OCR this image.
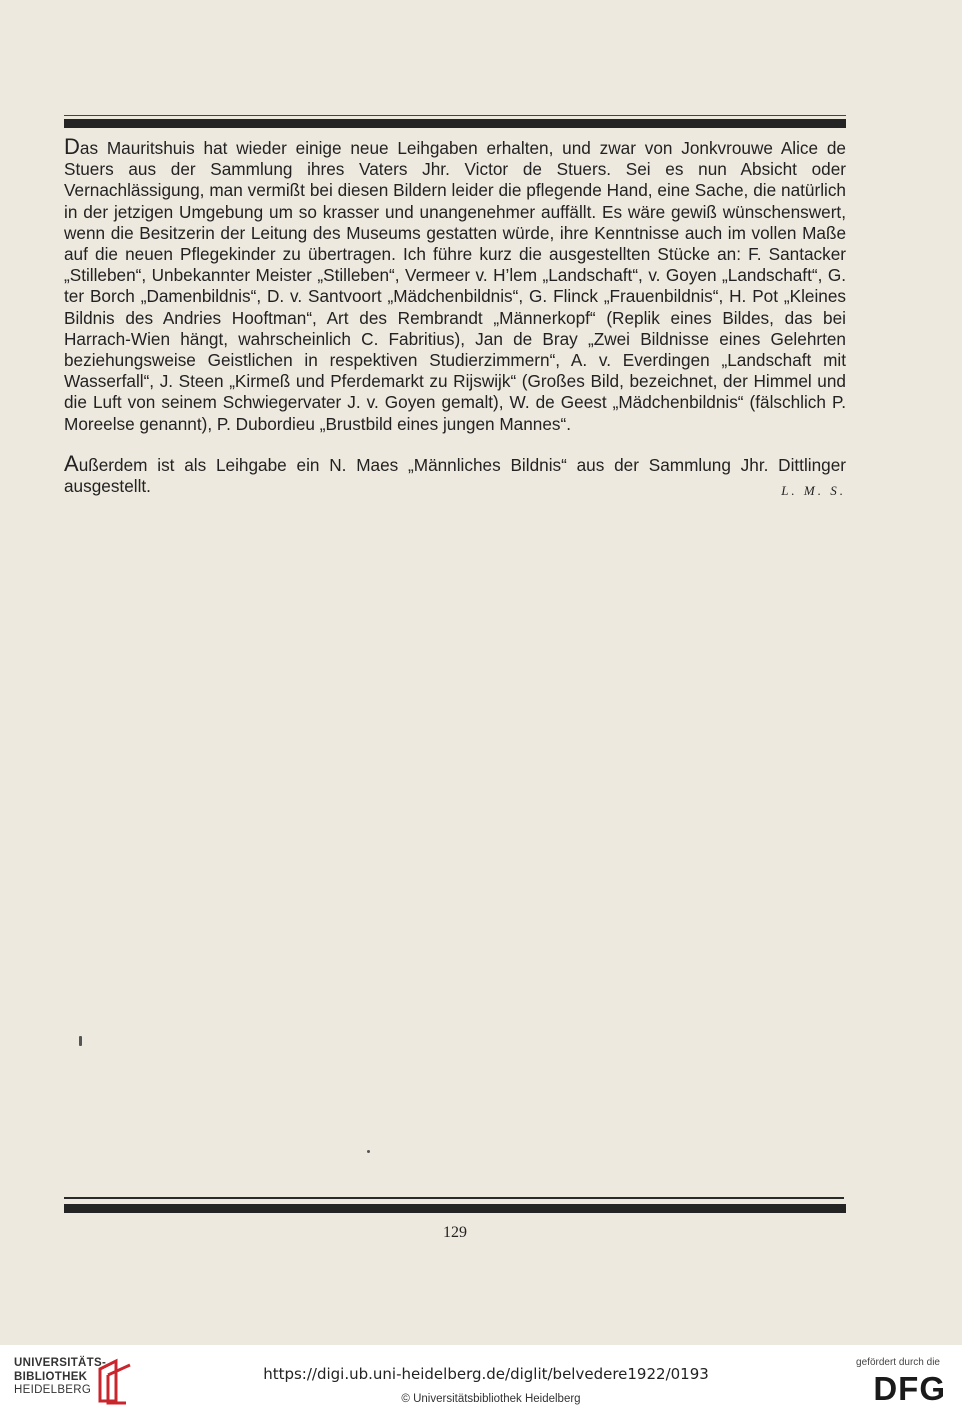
Das Mauritshuis hat wieder einige neue Leihgaben erhalten, und zwar von Jonkvrouwe Alice de Stuers aus der Sammlung ihres Vaters Jhr. Victor de Stuers. Sei es nun Absicht oder Vernachlässigung, man vermißt bei diesen Bildern leider die pflegende Hand, eine Sache, die natürlich in der jetzigen Umgebung um so krasser und unangenehmer auffällt. Es wäre gewiß wünschenswert, wenn die Besitzerin der Leitung des Museums gestatten würde, ihre Kenntnisse auch im vollen Maße auf die neuen Pflegekinder zu übertragen. Ich führe kurz die ausgestellten Stücke an: F. Santacker „Stilleben“, Unbekannter Meister „Stilleben“, Vermeer v. H’lem „Landschaft“, v. Goyen „Landschaft“, G. ter Borch „Damenbildnis“, D. v. Santvoort „Mädchenbildnis“, G. Flinck „Frauenbildnis“, H. Pot „Kleines Bildnis des Andries Hooftman“, Art des Rembrandt „Männerkopf“ (Replik eines Bildes, das bei Harrach-Wien hängt, wahrscheinlich C. Fabritius), Jan de Bray „Zwei Bildnisse eines Gelehrten beziehungsweise Geistlichen in respektiven Studierzimmern“, A. v. Everdingen „Landschaft mit Wasserfall“, J. Steen „Kirmeß und Pferdemarkt zu Rijswijk“ (Großes Bild, bezeichnet, der Himmel und die Luft von seinem Schwiegervater J. v. Goyen gemalt), W. de Geest „Mädchenbildnis“ (fälschlich P. Moreelse genannt), P. Dubordieu „Brustbild eines jungen Mannes“.

Außerdem ist als Leihgabe ein N. Maes „Männliches Bildnis“ aus der Sammlung Jhr. Dittlinger ausgestellt.	L. M. S.

129
UNIVERSITÄTS-
BIBLIOTHEK
HEIDELBERG
https://digi.ub.uni-heidelberg.de/diglit/belvedere1922/0193
© Universitätsbibliothek Heidelberg
gefördert durch die
DFG
